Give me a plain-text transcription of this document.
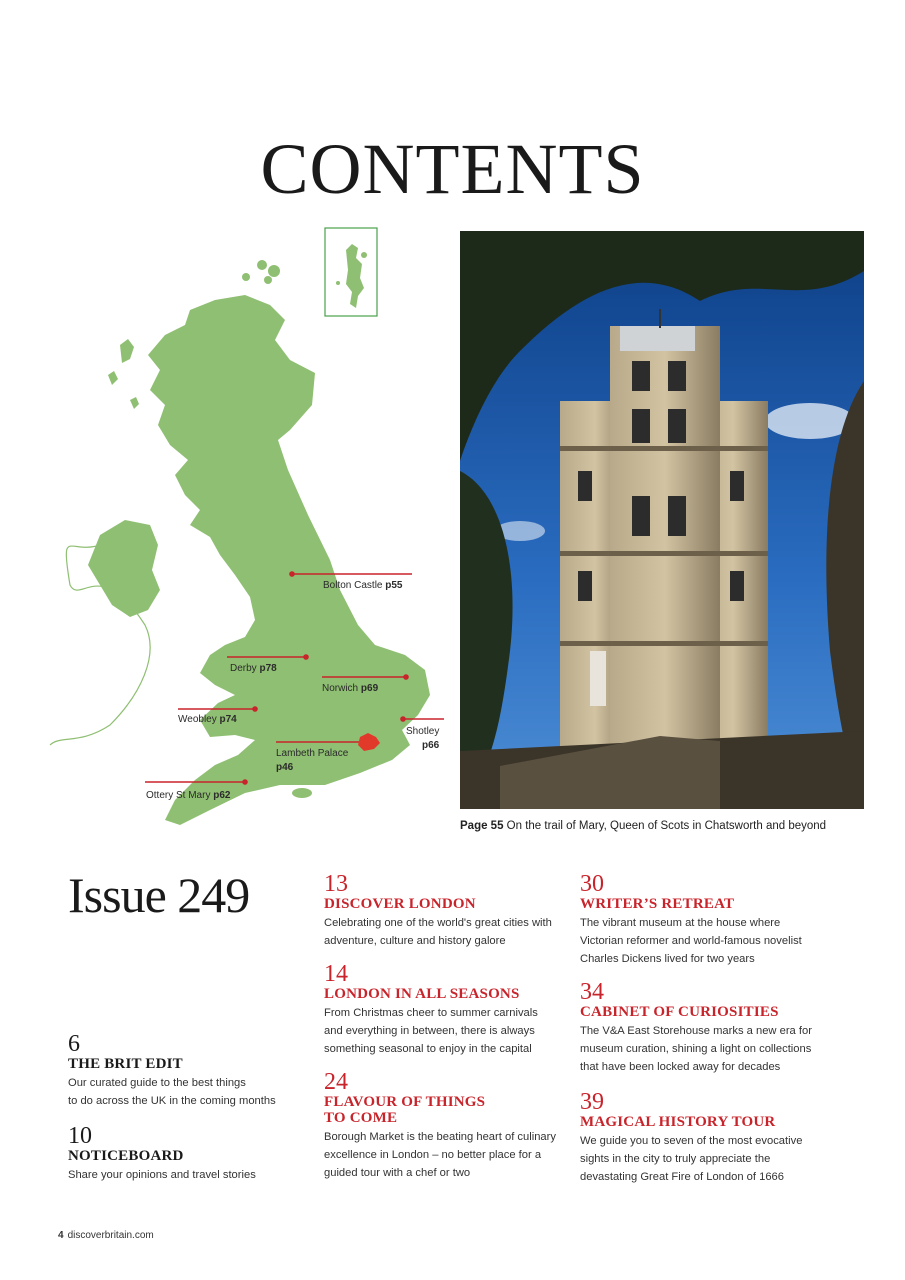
CONTENTS
Bolton Castle p55
Derby p78
Norwich p69
Weobley p74
Shotley
p66
Lambeth Palace
p46
Ottery St Mary p62
Page 55 On the trail of Mary, Queen of Scots in Chatsworth and beyond
Issue 249
6
THE BRIT EDIT
Our curated guide to the best things
to do across the UK in the coming months
10
NOTICEBOARD
Share your opinions and travel stories
13
DISCOVER LONDON
Celebrating one of the world's great cities with
adventure, culture and history galore
14
LONDON IN ALL SEASONS
From Christmas cheer to summer carnivals
and everything in between, there is always
something seasonal to enjoy in the capital
24
FLAVOUR OF THINGS
TO COME
Borough Market is the beating heart of culinary
excellence in London – no better place for a
guided tour with a chef or two
30
WRITER’S RETREAT
The vibrant museum at the house where
Victorian reformer and world-famous novelist
Charles Dickens lived for two years
34
CABINET OF CURIOSITIES
The V&A East Storehouse marks a new era for
museum curation, shining a light on collections
that have been locked away for decades
39
MAGICAL HISTORY TOUR
We guide you to seven of the most evocative
sights in the city to truly appreciate the
devastating Great Fire of London of 1666
4 discoverbritain.com
